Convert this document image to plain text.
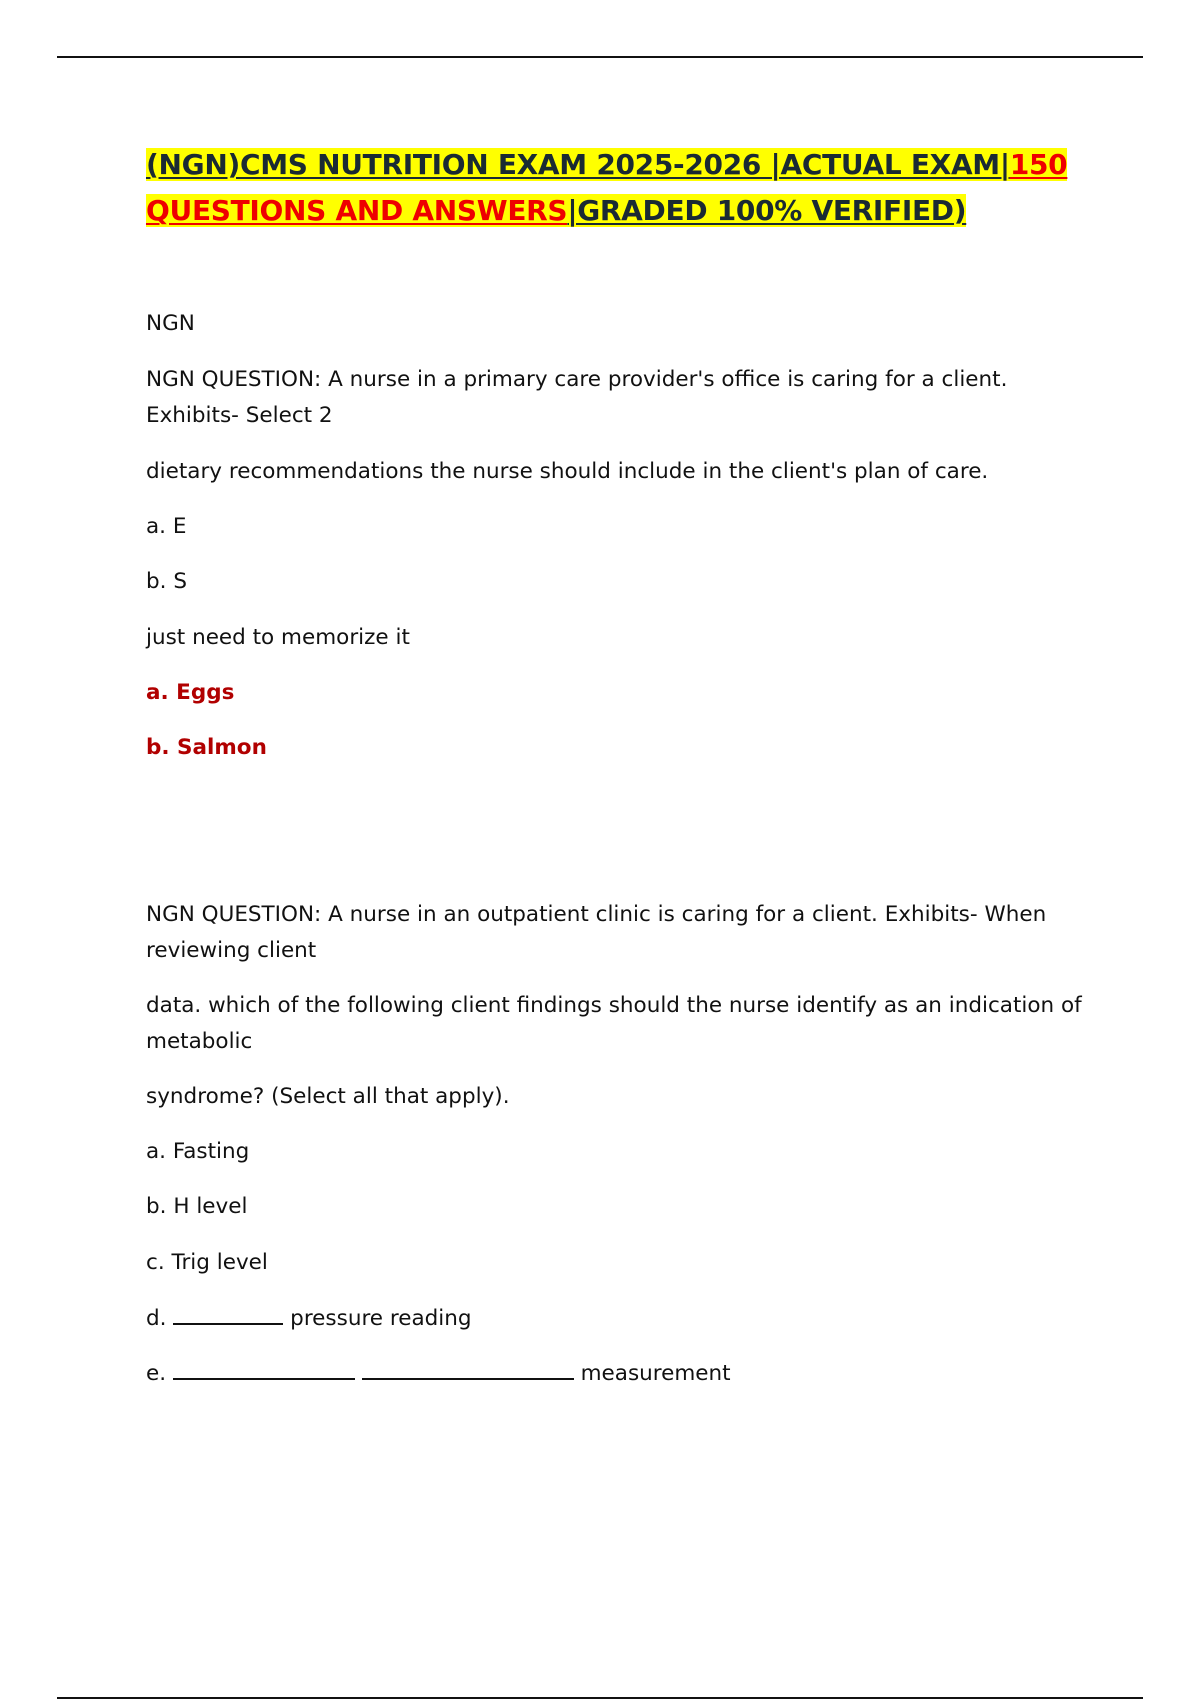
(NGN)CMS NUTRITION EXAM 2025-2026 |ACTUAL EXAM|150 QUESTIONS AND ANSWERS|GRADED 100% VERIFIED)

NGN

NGN QUESTION: A nurse in a primary care provider's office is caring for a client. Exhibits- Select 2

dietary recommendations the nurse should include in the client's plan of care.

a. E

b. S

just need to memorize it

a. Eggs

b. Salmon

NGN QUESTION: A nurse in an outpatient clinic is caring for a client. Exhibits- When reviewing client

data. which of the following client findings should the nurse identify as an indication of metabolic

syndrome? (Select all that apply).

a. Fasting

b. H level

c. Trig level

d.	pressure reading

e.	measurement
